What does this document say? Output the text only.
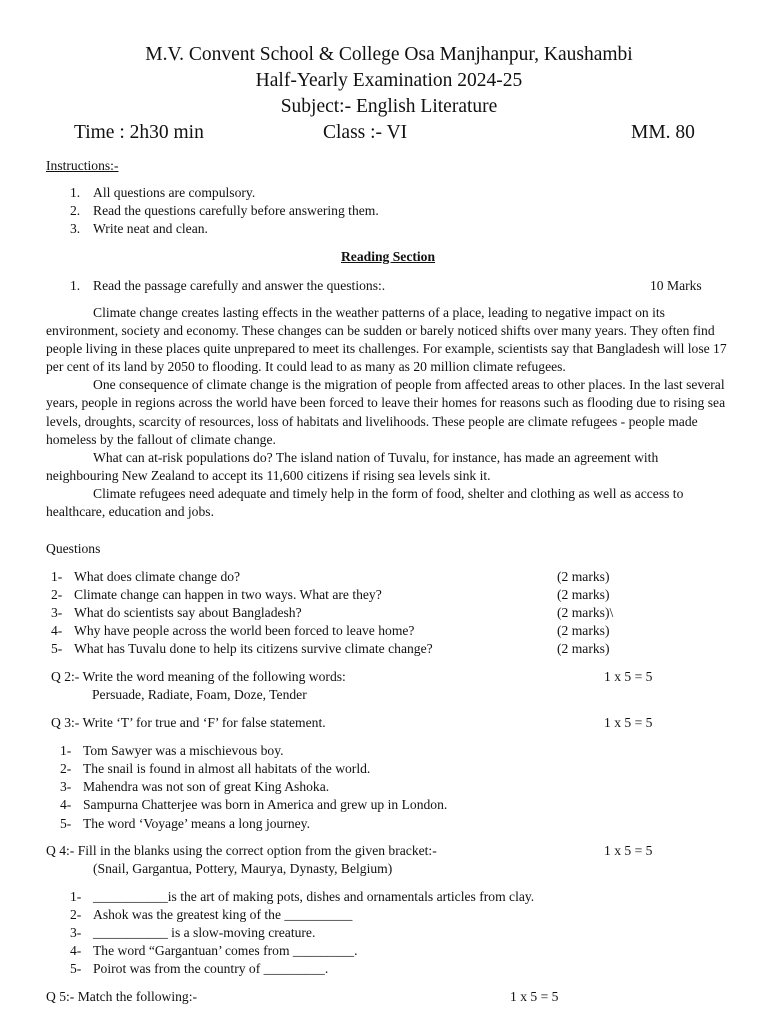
M.V. Convent School & College Osa Manjhanpur, Kaushambi
Half-Yearly Examination 2024-25
Subject:- English Literature
Time : 2h30 min	Class :- VI	MM. 80
Instructions:-
1. All questions are compulsory.
2. Read the questions carefully before answering them.
3. Write neat and clean.
Reading Section
1. Read the passage carefully and answer the questions:.	10 Marks

Climate change creates lasting effects in the weather patterns of a place, leading to negative impact on its environment, society and economy. These changes can be sudden or barely noticed shifts over many years. They often find people living in these places quite unprepared to meet its challenges. For example, scientists say that Bangladesh will lose 17 per cent of its land by 2050 to flooding. It could lead to as many as 20 million climate refugees.

One consequence of climate change is the migration of people from affected areas to other places. In the last several years, people in regions across the world have been forced to leave their homes for reasons such as flooding due to rising sea levels, droughts, scarcity of resources, loss of habitats and livelihoods. These people are climate refugees - people made homeless by the fallout of climate change.

What can at-risk populations do? The island nation of Tuvalu, for instance, has made an agreement with neighbouring New Zealand to accept its 11,600 citizens if rising sea levels sink it.

Climate refugees need adequate and timely help in the form of food, shelter and clothing as well as access to healthcare, education and jobs.

Questions
1- What does climate change do?	(2 marks)
2- Climate change can happen in two ways. What are they?	(2 marks)
3- What do scientists say about Bangladesh?	(2 marks)\
4- Why have people across the world been forced to leave home?	(2 marks)
5- What has Tuvalu done to help its citizens survive climate change?	(2 marks)
Q 2:- Write the word meaning of the following words:	1 x 5 = 5
Persuade, Radiate, Foam, Doze, Tender
Q 3:- Write ‘T’ for true and ‘F’ for false statement.	1 x 5 = 5
1- Tom Sawyer was a mischievous boy.
2- The snail is found in almost all habitats of the world.
3- Mahendra was not son of great King Ashoka.
4- Sampurna Chatterjee was born in America and grew up in London.
5- The word ‘Voyage’ means a long journey.
Q 4:- Fill in the blanks using the correct option from the given bracket:-	1 x 5 = 5
(Snail, Gargantua, Pottery, Maurya, Dynasty, Belgium)
1- ___________is the art of making pots, dishes and ornamentals articles from clay.
2- Ashok was the greatest king of the __________
3- ___________ is a slow-moving creature.
4- The word “Gargantuan’ comes from _________.
5- Poirot was from the country of _________.
Q 5:- Match the following:-	1 x 5 = 5
